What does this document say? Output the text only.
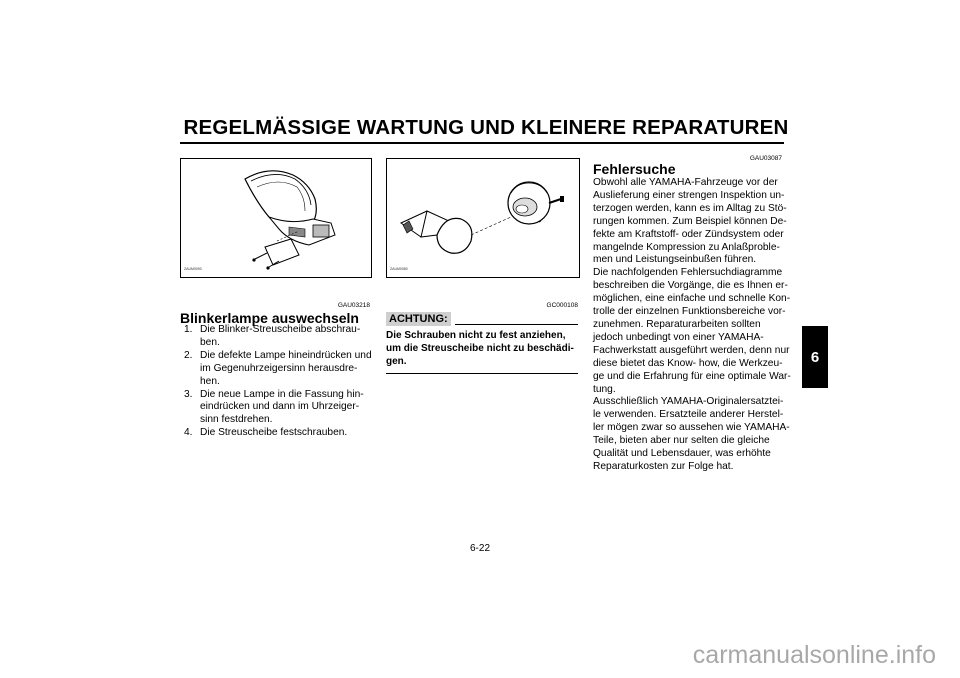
REGELMÄSSIGE WARTUNG UND KLEINERE REPARATUREN
6
ZAUM0090
GAU03218
Blinkerlampe auswechseln
1. Die Blinker-Streuscheibe abschrau-
ben.
2. Die defekte Lampe hineindrücken und
im Gegenuhrzeigersinn herausdre-
hen.
3. Die neue Lampe in die Fassung hin-
eindrücken und dann im Uhrzeiger-
sinn festdrehen.
4. Die Streuscheibe festschrauben.
ZAUM0080
GC000108
ACHTUNG:
Die Schrauben nicht zu fest anziehen,
um die Streuscheibe nicht zu beschädi-
gen.
GAU03087
Fehlersuche
Obwohl alle YAMAHA-Fahrzeuge vor der
Auslieferung einer strengen Inspektion un-
terzogen werden, kann es im Alltag zu Stö-
rungen kommen. Zum Beispiel können De-
fekte am Kraftstoff- oder Zündsystem oder
mangelnde Kompression zu Anlaßproble-
men und Leistungseinbußen führen.
Die nachfolgenden Fehlersuchdiagramme
beschreiben die Vorgänge, die es Ihnen er-
möglichen, eine einfache und schnelle Kon-
trolle der einzelnen Funktionsbereiche vor-
zunehmen. Reparaturarbeiten sollten
jedoch unbedingt von einer YAMAHA-
Fachwerkstatt ausgeführt werden, denn nur
diese bietet das Know- how, die Werkzeu-
ge und die Erfahrung für eine optimale War-
tung.
Ausschließlich YAMAHA-Originalersatztei-
le verwenden. Ersatzteile anderer Herstel-
ler mögen zwar so aussehen wie YAMAHA-
Teile, bieten aber nur selten die gleiche
Qualität und Lebensdauer, was erhöhte
Reparaturkosten zur Folge hat.
6-22
carmanualsonline.info
